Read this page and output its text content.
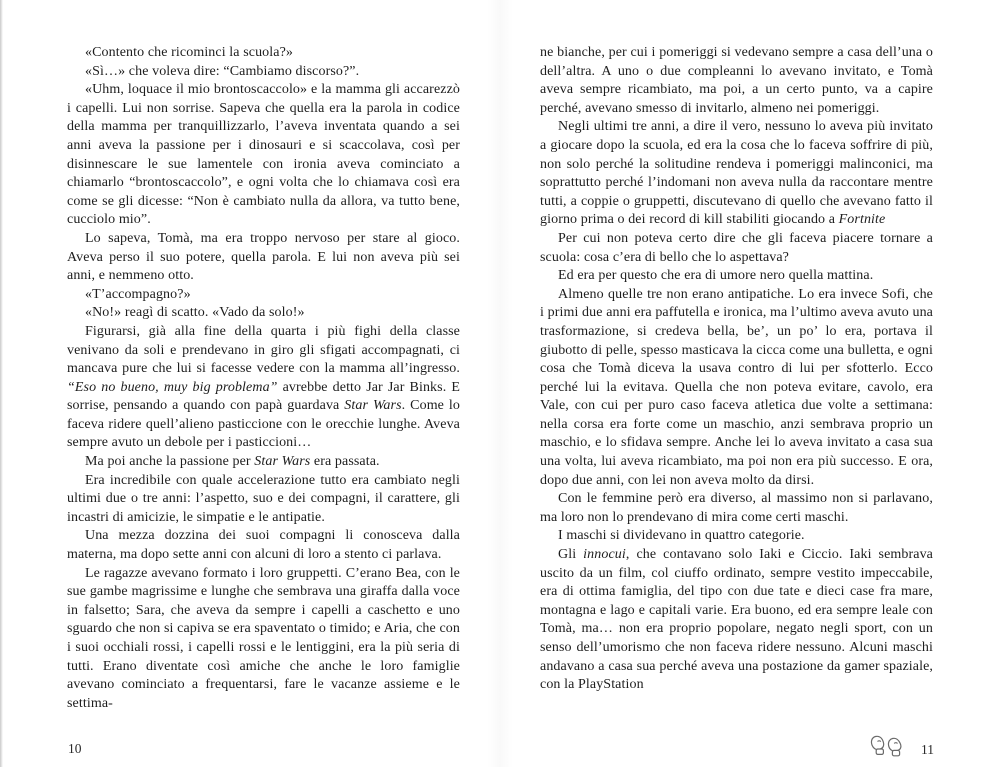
«Contento che ricominci la scuola?»

«Sì…» che voleva dire: “Cambiamo discorso?”.

«Uhm, loquace il mio brontoscaccolo» e la mamma gli accarezzò i capelli. Lui non sorrise. Sapeva che quella era la parola in codice della mamma per tranquillizzarlo, l’aveva inventata quando a sei anni aveva la passione per i dinosauri e si scaccolava, così per disinnescare le sue lamentele con ironia aveva cominciato a chiamarlo “brontoscaccolo”, e ogni volta che lo chiamava così era come se gli dicesse: “Non è cambiato nulla da allora, va tutto bene, cucciolo mio”.

Lo sapeva, Tomà, ma era troppo nervoso per stare al gioco. Aveva perso il suo potere, quella parola. E lui non aveva più sei anni, e nemmeno otto.

«T’accompagno?»

«No!» reagì di scatto. «Vado da solo!»

Figurarsi, già alla fine della quarta i più fighi della classe venivano da soli e prendevano in giro gli sfigati accompagnati, ci mancava pure che lui si facesse vedere con la mamma all’ingresso. “Eso no bueno, muy big problema” avrebbe detto Jar Jar Binks. E sorrise, pensando a quando con papà guardava Star Wars. Come lo faceva ridere quell’alieno pasticcione con le orecchie lunghe. Aveva sempre avuto un debole per i pasticcioni…

Ma poi anche la passione per Star Wars era passata.

Era incredibile con quale accelerazione tutto era cambiato negli ultimi due o tre anni: l’aspetto, suo e dei compagni, il carattere, gli incastri di amicizie, le simpatie e le antipatie.

Una mezza dozzina dei suoi compagni li conosceva dalla materna, ma dopo sette anni con alcuni di loro a stento ci parlava.

Le ragazze avevano formato i loro gruppetti. C’erano Bea, con le sue gambe magrissime e lunghe che sembrava una giraffa dalla voce in falsetto; Sara, che aveva da sempre i capelli a caschetto e uno sguardo che non si capiva se era spaventato o timido; e Aria, che con i suoi occhiali rossi, i capelli rossi e le lentiggini, era la più seria di tutti. Erano diventate così amiche che anche le loro famiglie avevano cominciato a frequentarsi, fare le vacanze assieme e le settima-

ne bianche, per cui i pomeriggi si vedevano sempre a casa dell’una o dell’altra. A uno o due compleanni lo avevano invitato, e Tomà aveva sempre ricambiato, ma poi, a un certo punto, va a capire perché, avevano smesso di invitarlo, almeno nei pomeriggi.

Negli ultimi tre anni, a dire il vero, nessuno lo aveva più invitato a giocare dopo la scuola, ed era la cosa che lo faceva soffrire di più, non solo perché la solitudine rendeva i pomeriggi malinconici, ma soprattutto perché l’indomani non aveva nulla da raccontare mentre tutti, a coppie o gruppetti, discutevano di quello che avevano fatto il giorno prima o dei record di kill stabiliti giocando a Fortnite

Per cui non poteva certo dire che gli faceva piacere tornare a scuola: cosa c’era di bello che lo aspettava?

Ed era per questo che era di umore nero quella mattina.

Almeno quelle tre non erano antipatiche. Lo era invece Sofi, che i primi due anni era paffutella e ironica, ma l’ultimo aveva avuto una trasformazione, si credeva bella, be’, un po’ lo era, portava il giubotto di pelle, spesso masticava la cicca come una bulletta, e ogni cosa che Tomà diceva la usava contro di lui per sfotterlo. Ecco perché lui la evitava. Quella che non poteva evitare, cavolo, era Vale, con cui per puro caso faceva atletica due volte a settimana: nella corsa era forte come un maschio, anzi sembrava proprio un maschio, e lo sfidava sempre. Anche lei lo aveva invitato a casa sua una volta, lui aveva ricambiato, ma poi non era più successo. E ora, dopo due anni, con lei non aveva molto da dirsi.

Con le femmine però era diverso, al massimo non si parlavano, ma loro non lo prendevano di mira come certi maschi.

I maschi si dividevano in quattro categorie.

Gli innocui, che contavano solo Iaki e Ciccio. Iaki sembrava uscito da un film, col ciuffo ordinato, sempre vestito impeccabile, era di ottima famiglia, del tipo con due tate e dieci case fra mare, montagna e lago e capitali varie. Era buono, ed era sempre leale con Tomà, ma… non era proprio popolare, negato negli sport, con un senso dell’umorismo che non faceva ridere nessuno. Alcuni maschi andavano a casa sua perché aveva una postazione da gamer spaziale, con la PlayStation

10	11
